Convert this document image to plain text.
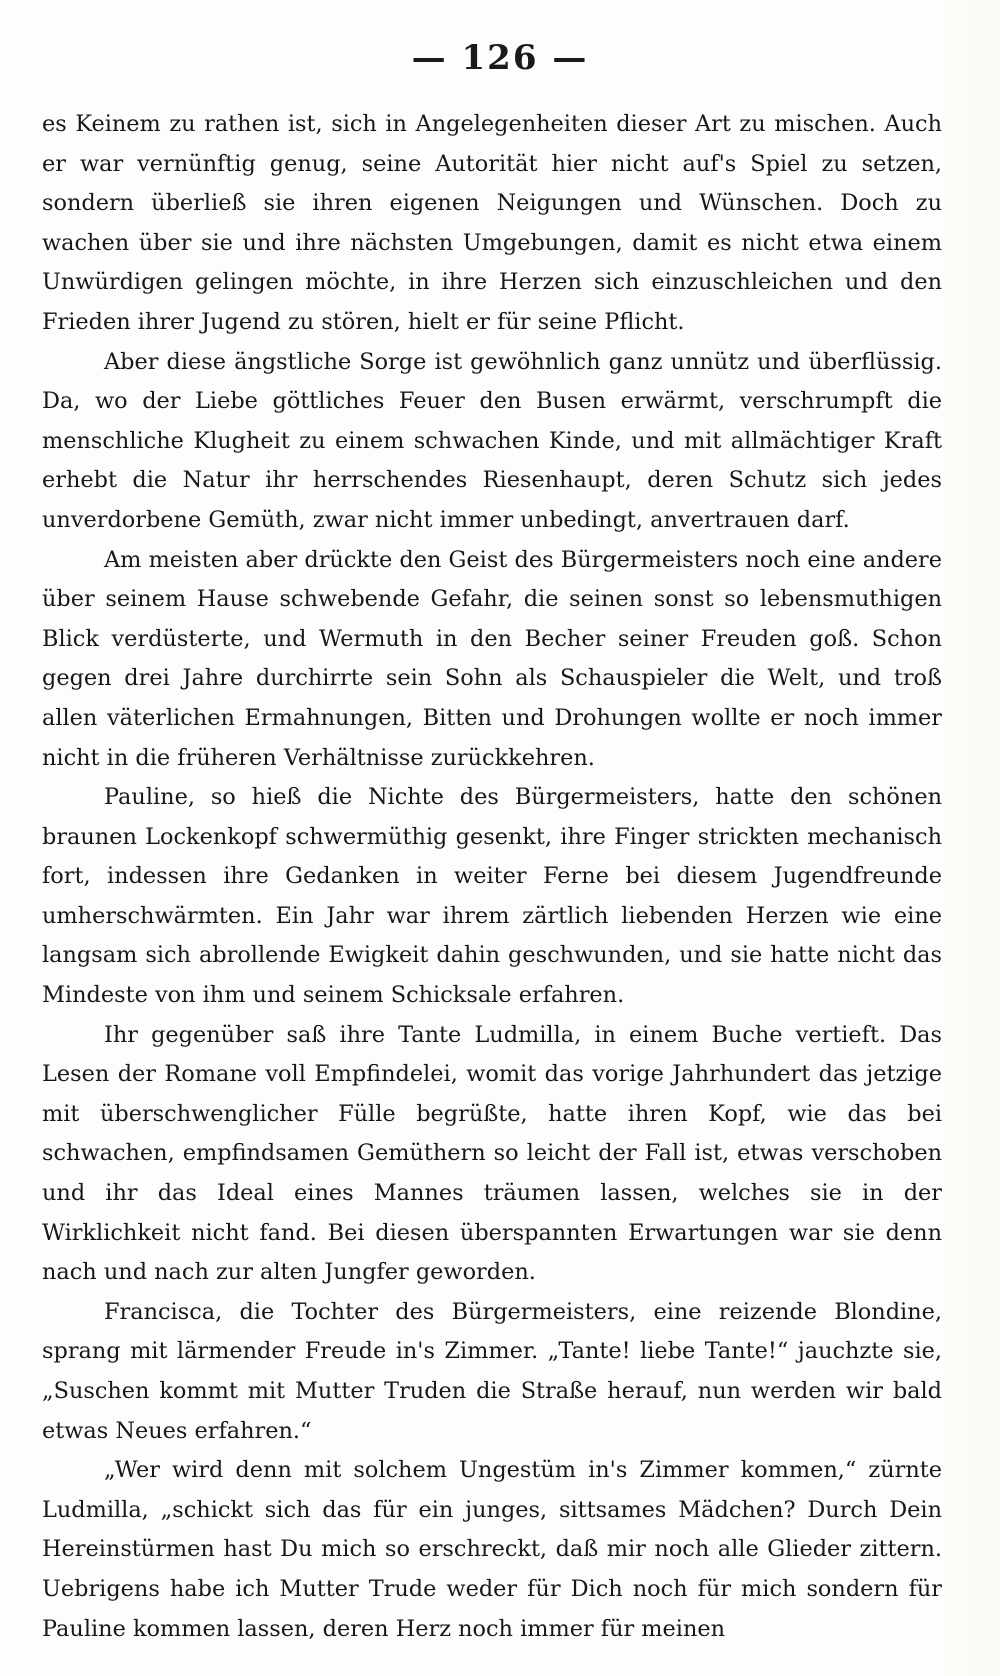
— 126 —

es Keinem zu rathen ist, sich in Angelegenheiten dieser Art zu mischen. Auch er war vernünftig genug, seine Autorität hier nicht auf's Spiel zu setzen, sondern überließ sie ihren eigenen Neigungen und Wünschen. Doch zu wachen über sie und ihre nächsten Umgebungen, damit es nicht etwa einem Unwürdigen gelingen möchte, in ihre Herzen sich einzuschleichen und den Frieden ihrer Jugend zu stören, hielt er für seine Pflicht.

Aber diese ängstliche Sorge ist gewöhnlich ganz unnütz und überflüssig. Da, wo der Liebe göttliches Feuer den Busen erwärmt, verschrumpft die menschliche Klugheit zu einem schwachen Kinde, und mit allmächtiger Kraft erhebt die Natur ihr herrschendes Riesenhaupt, deren Schutz sich jedes unverdorbene Gemüth, zwar nicht immer unbedingt, anvertrauen darf.

Am meisten aber drückte den Geist des Bürgermeisters noch eine andere über seinem Hause schwebende Gefahr, die seinen sonst so lebensmuthigen Blick verdüsterte, und Wermuth in den Becher seiner Freuden goß. Schon gegen drei Jahre durchirrte sein Sohn als Schauspieler die Welt, und troß allen väterlichen Ermahnungen, Bitten und Drohungen wollte er noch immer nicht in die früheren Verhältnisse zurückkehren.

Pauline, so hieß die Nichte des Bürgermeisters, hatte den schönen braunen Lockenkopf schwermüthig gesenkt, ihre Finger strickten mechanisch fort, indessen ihre Gedanken in weiter Ferne bei diesem Jugendfreunde umherschwärmten. Ein Jahr war ihrem zärtlich liebenden Herzen wie eine langsam sich abrollende Ewigkeit dahin geschwunden, und sie hatte nicht das Mindeste von ihm und seinem Schicksale erfahren.

Ihr gegenüber saß ihre Tante Ludmilla, in einem Buche vertieft. Das Lesen der Romane voll Empfindelei, womit das vorige Jahrhundert das jetzige mit überschwenglicher Fülle begrüßte, hatte ihren Kopf, wie das bei schwachen, empfindsamen Gemüthern so leicht der Fall ist, etwas verschoben und ihr das Ideal eines Mannes träumen lassen, welches sie in der Wirklichkeit nicht fand. Bei diesen überspannten Erwartungen war sie denn nach und nach zur alten Jungfer geworden.

Francisca, die Tochter des Bürgermeisters, eine reizende Blondine, sprang mit lärmender Freude in's Zimmer. „Tante! liebe Tante!“ jauchzte sie, „Suschen kommt mit Mutter Truden die Straße herauf, nun werden wir bald etwas Neues erfahren.“

„Wer wird denn mit solchem Ungestüm in's Zimmer kommen,“ zürnte Ludmilla, „schickt sich das für ein junges, sittsames Mädchen? Durch Dein Hereinstürmen hast Du mich so erschreckt, daß mir noch alle Glieder zittern. Uebrigens habe ich Mutter Trude weder für Dich noch für mich sondern für Pauline kommen lassen, deren Herz noch immer für meinen
